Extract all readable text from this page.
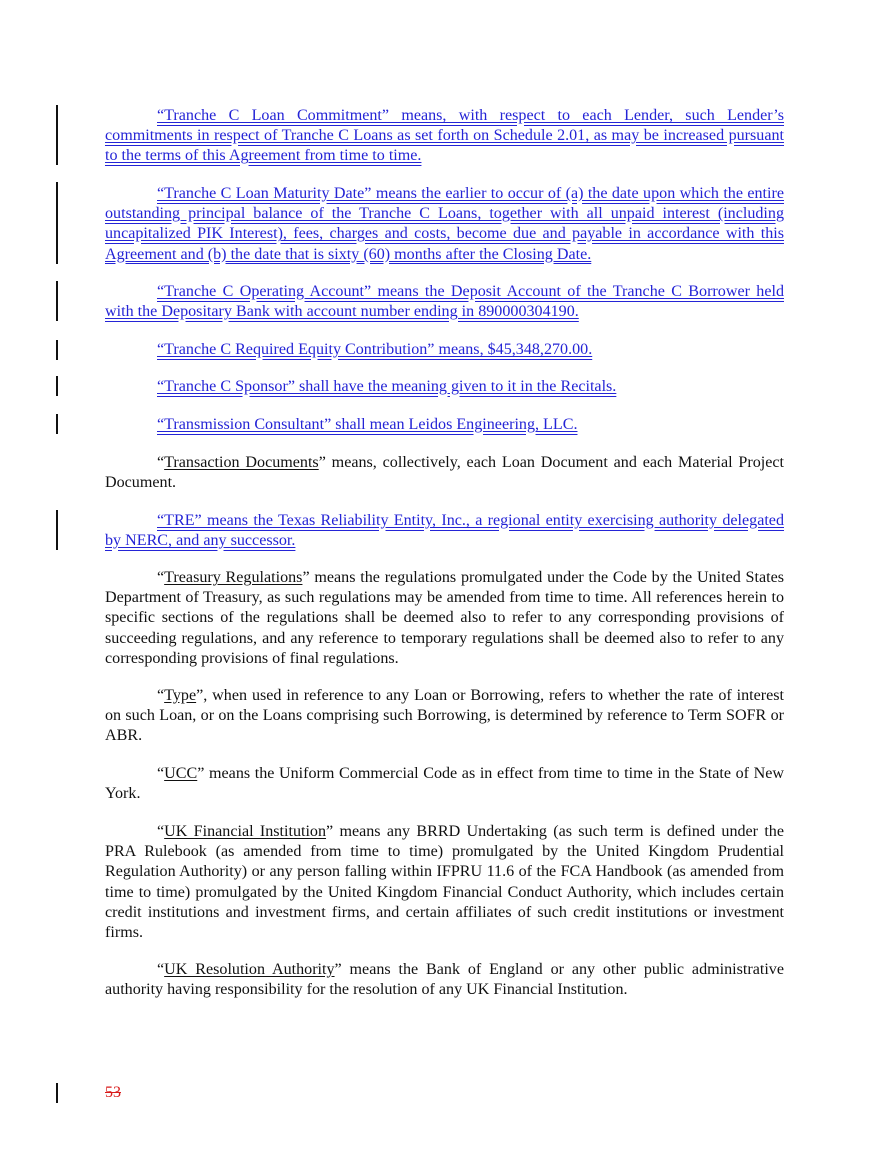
“Tranche C Loan Commitment” means, with respect to each Lender, such Lender’s commitments in respect of Tranche C Loans as set forth on Schedule 2.01, as may be increased pursuant to the terms of this Agreement from time to time.

“Tranche C Loan Maturity Date” means the earlier to occur of (a) the date upon which the entire outstanding principal balance of the Tranche C Loans, together with all unpaid interest (including uncapitalized PIK Interest), fees, charges and costs, become due and payable in accordance with this Agreement and (b) the date that is sixty (60) months after the Closing Date.

“Tranche C Operating Account” means the Deposit Account of the Tranche C Borrower held with the Depositary Bank with account number ending in 890000304190.

“Tranche C Required Equity Contribution” means, $45,348,270.00.

“Tranche C Sponsor” shall have the meaning given to it in the Recitals.

“Transmission Consultant” shall mean Leidos Engineering, LLC.

“Transaction Documents” means, collectively, each Loan Document and each Material Project Document.

“TRE” means the Texas Reliability Entity, Inc., a regional entity exercising authority delegated by NERC, and any successor.

“Treasury Regulations” means the regulations promulgated under the Code by the United States Department of Treasury, as such regulations may be amended from time to time. All references herein to specific sections of the regulations shall be deemed also to refer to any corresponding provisions of succeeding regulations, and any reference to temporary regulations shall be deemed also to refer to any corresponding provisions of final regulations.

“Type”, when used in reference to any Loan or Borrowing, refers to whether the rate of interest on such Loan, or on the Loans comprising such Borrowing, is determined by reference to Term SOFR or ABR.

“UCC” means the Uniform Commercial Code as in effect from time to time in the State of New York.

“UK Financial Institution” means any BRRD Undertaking (as such term is defined under the PRA Rulebook (as amended from time to time) promulgated by the United Kingdom Prudential Regulation Authority) or any person falling within IFPRU 11.6 of the FCA Handbook (as amended from time to time) promulgated by the United Kingdom Financial Conduct Authority, which includes certain credit institutions and investment firms, and certain affiliates of such credit institutions or investment firms.

“UK Resolution Authority” means the Bank of England or any other public administrative authority having responsibility for the resolution of any UK Financial Institution.

53
